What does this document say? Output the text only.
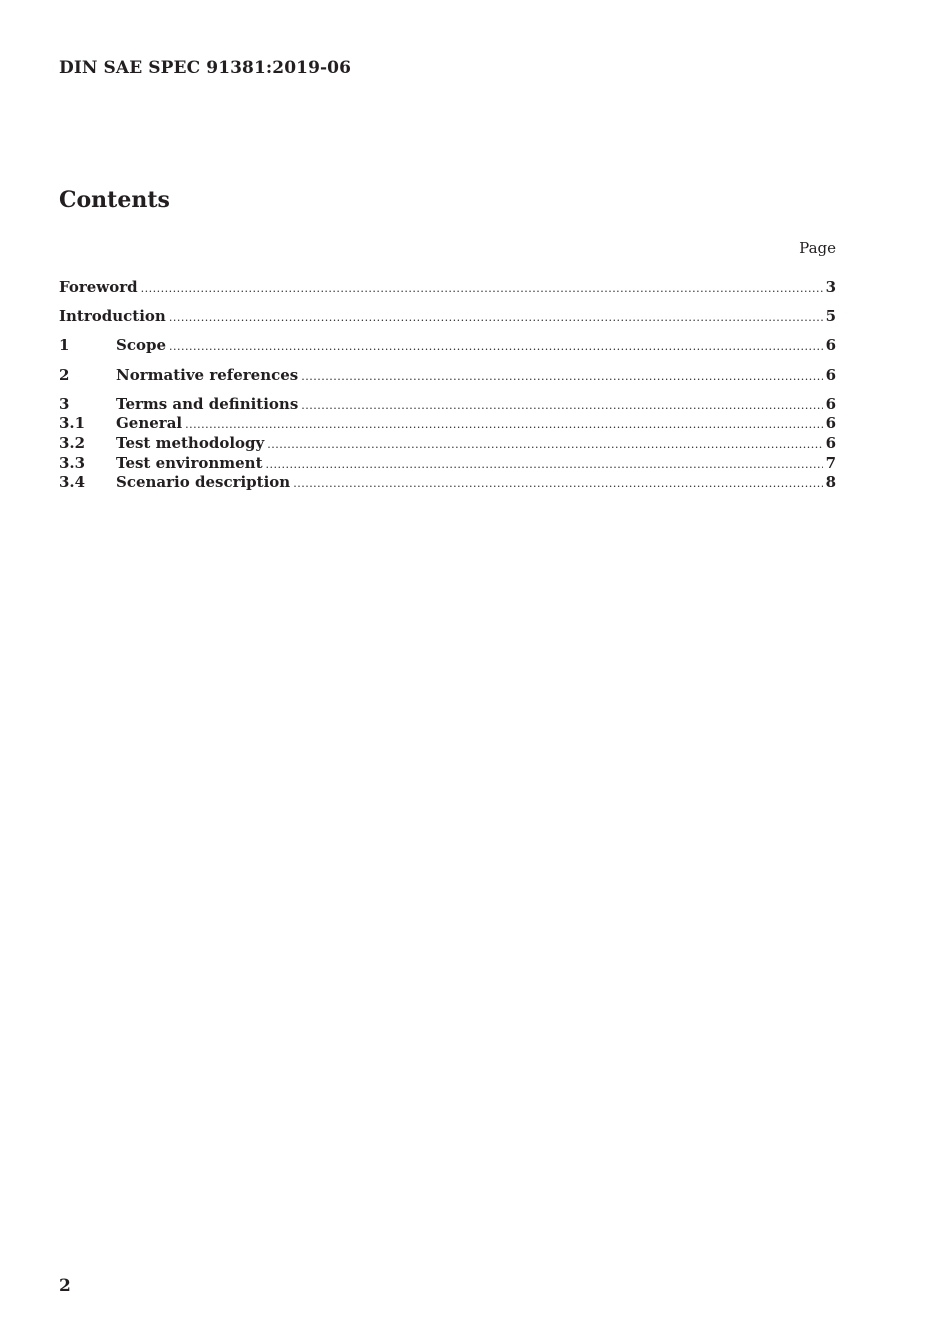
DIN SAE SPEC 91381:2019-06
Contents
Page
Foreword .....	3
Introduction .....	5
1	Scope .....	6
2	Normative references .....	6
3	Terms and definitions .....	6
3.1	General .....	6
3.2	Test methodology .....	6
3.3	Test environment .....	7
3.4	Scenario description .....	8
2
